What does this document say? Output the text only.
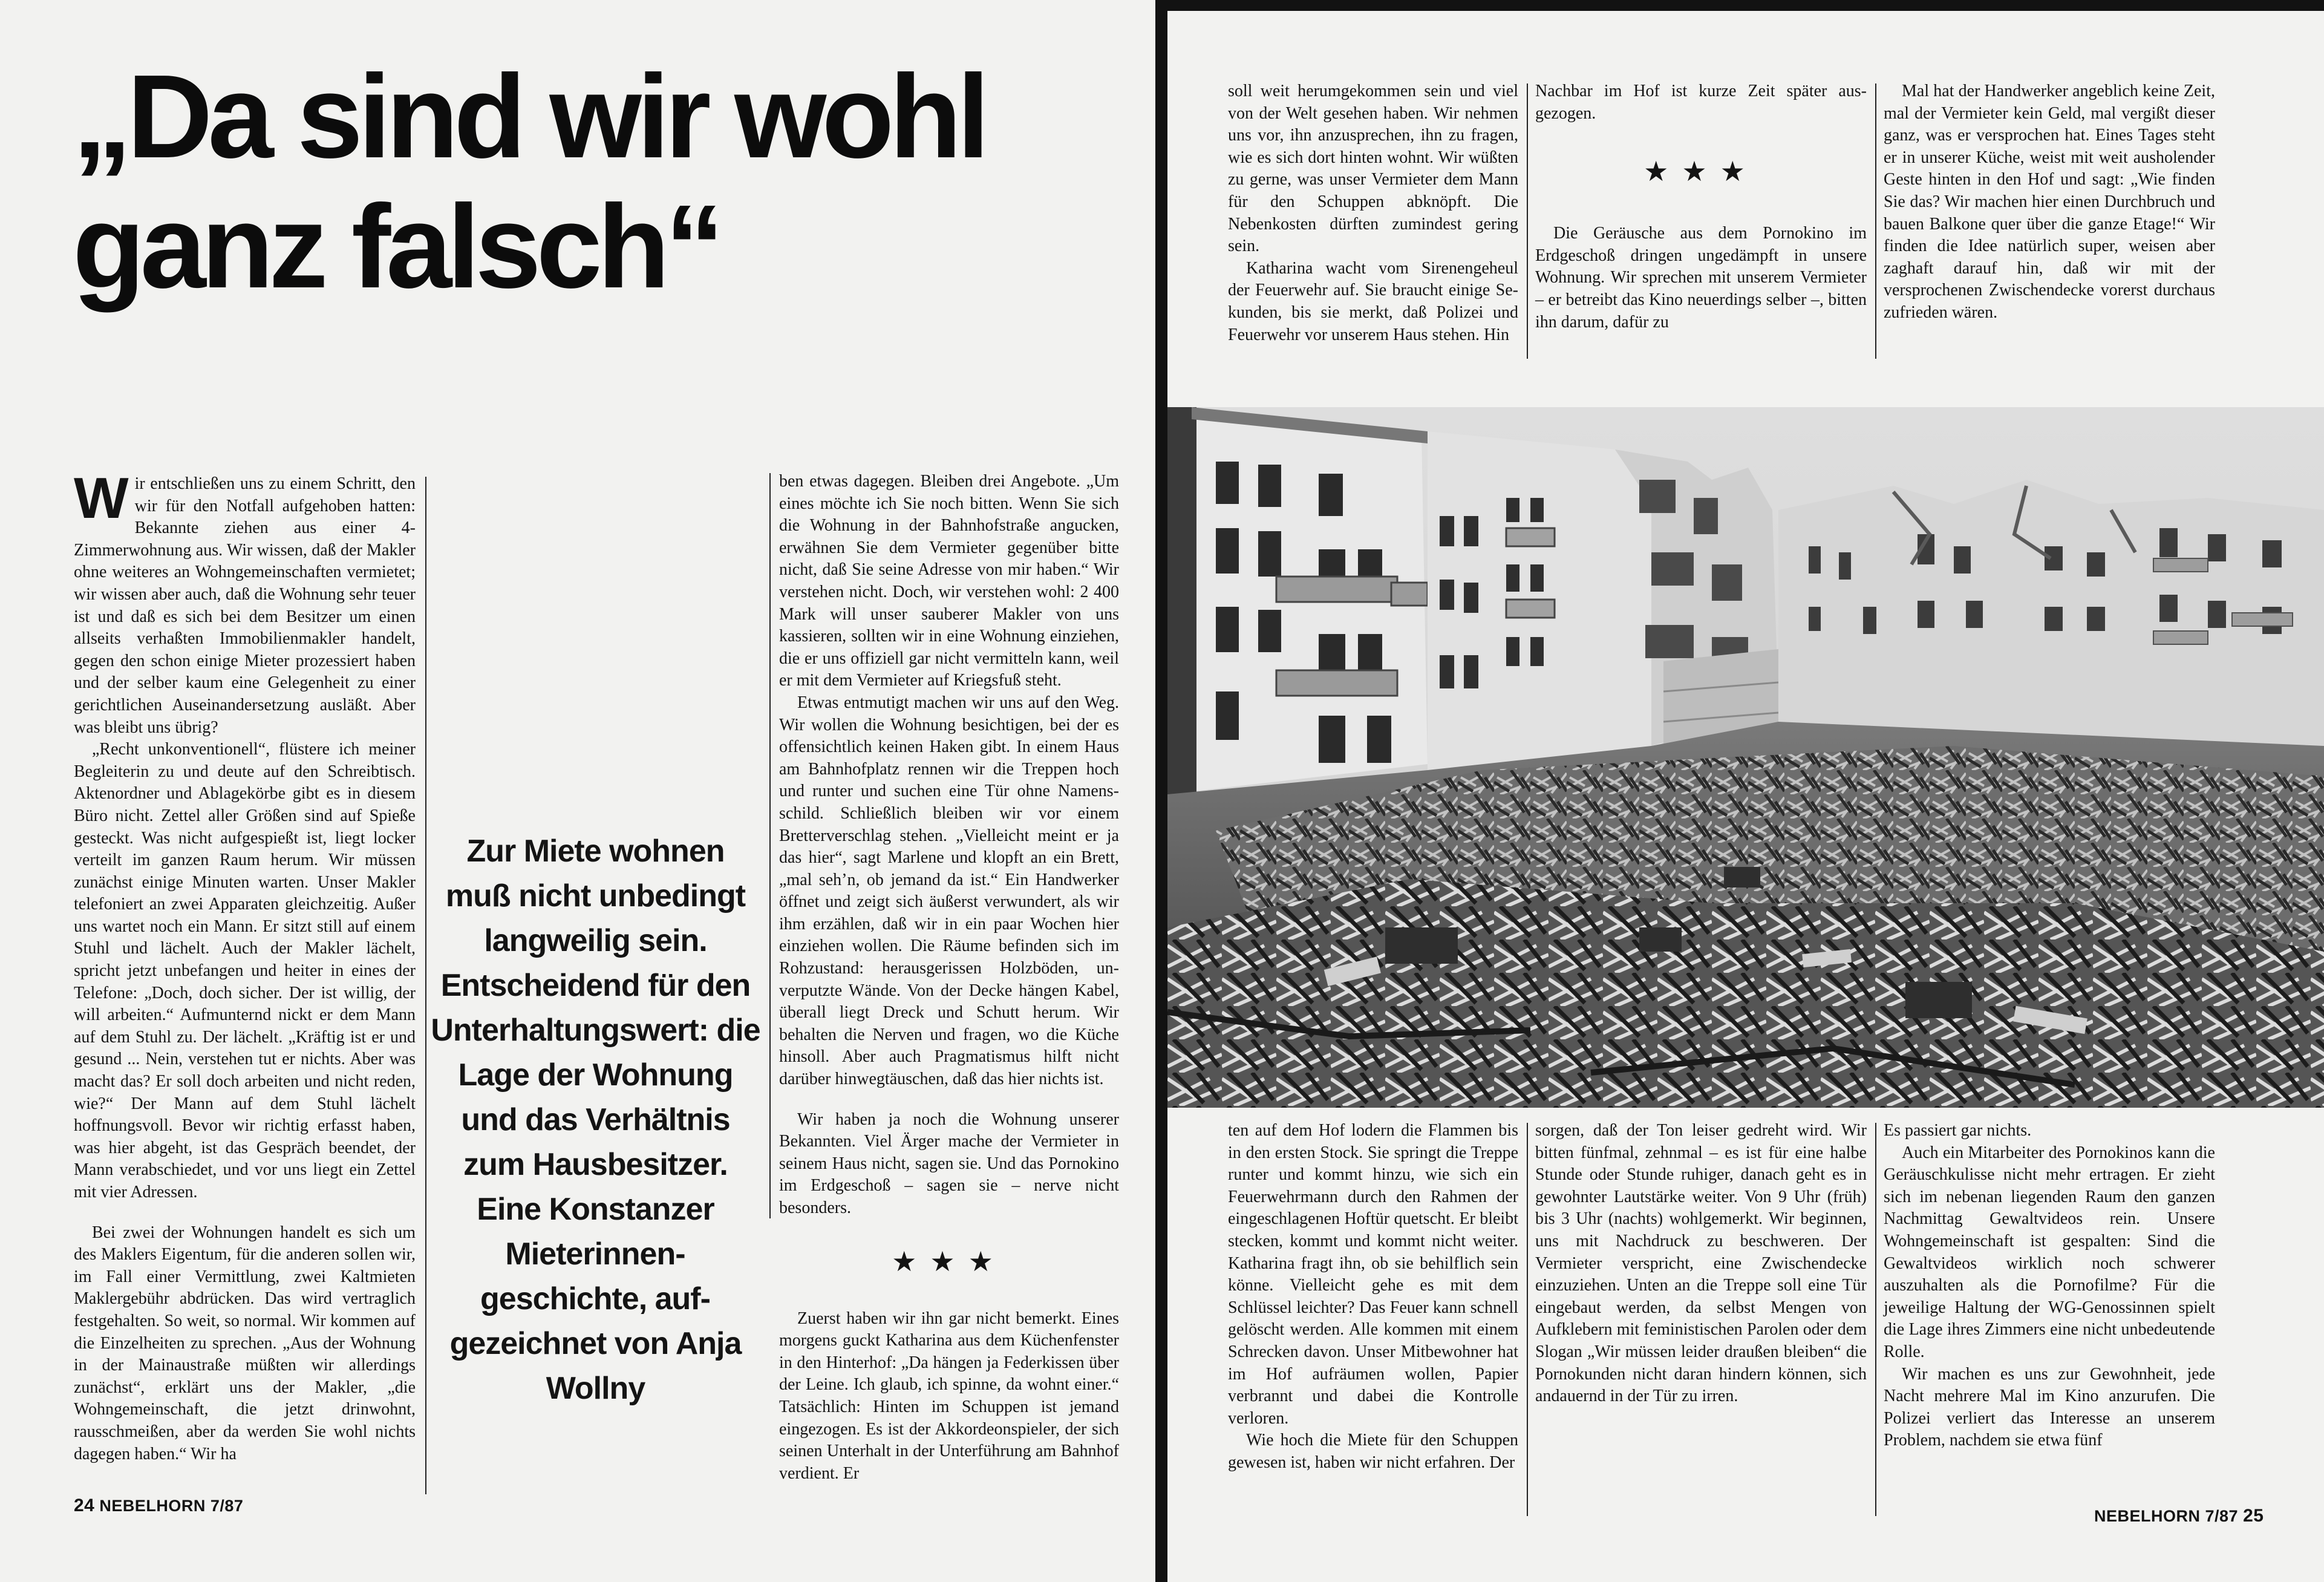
„Da sind wir wohl
ganz falsch“

Wir entschließen uns zu einem Schritt, den wir für den Notfall aufgehoben hatten: Bekannte ziehen aus einer 4-Zimmerwohnung aus. Wir wissen, daß der Makler ohne weiteres an Wohngemeinschaften vermietet; wir wissen aber auch, daß die Wohnung sehr teuer ist und daß es sich bei dem Besitzer um einen allseits verhaßten Immobilienmakler handelt, gegen den schon einige Mieter prozessiert haben und der selber kaum eine Gelegenheit zu einer gerichtlichen Auseinandersetzung ausläßt. Aber was bleibt uns übrig?

„Recht unkonventionell“, flüstere ich meiner Begleiterin zu und deute auf den Schreibtisch. Aktenordner und Ablagekörbe gibt es in diesem Büro nicht. Zettel aller Größen sind auf Spieße gesteckt. Was nicht aufgespießt ist, liegt locker verteilt im ganzen Raum herum. Wir müssen zunächst einige Minuten warten. Unser Makler telefoniert an zwei Apparaten gleichzeitig. Außer uns wartet noch ein Mann. Er sitzt still auf einem Stuhl und lächelt. Auch der Makler lächelt, spricht jetzt unbefangen und heiter in eines der Telefone: „Doch, doch sicher. Der ist willig, der will arbeiten.“ Aufmunternd nickt er dem Mann auf dem Stuhl zu. Der lächelt. „Kräftig ist er und gesund ... Nein, verstehen tut er nichts. Aber was macht das? Er soll doch arbeiten und nicht reden, wie?“ Der Mann auf dem Stuhl lächelt hoffnungsvoll. Bevor wir richtig erfasst haben, was hier abgeht, ist das Gespräch beendet, der Mann verabschiedet, und vor uns liegt ein Zettel mit vier Adressen.

Bei zwei der Wohnungen handelt es sich um des Maklers Eigentum, für die anderen sollen wir, im Fall einer Vermittlung, zwei Kaltmieten Maklergebühr abdrücken. Das wird vertraglich festgehalten. So weit, so normal. Wir kommen auf die Einzelheiten zu sprechen. „Aus der Wohnung in der Mainaustraße müßten wir allerdings zunächst“, erklärt uns der Makler, „die Wohngemeinschaft, die jetzt drinwohnt, rausschmeißen, aber da werden Sie wohl nichts dagegen haben.“ Wir ha

Zur Miete wohnen muß nicht unbedingt langweilig sein. Entscheidend für den Unterhaltungswert: die Lage der Wohnung und das Verhältnis zum Hausbesitzer. Eine Konstanzer Mieterinnengeschichte, aufgezeichnet von Anja Wollny

ben etwas dagegen. Bleiben drei Angebote. „Um eines möchte ich Sie noch bitten. Wenn Sie sich die Wohnung in der Bahnhofstraße angucken, erwähnen Sie dem Vermieter gegenüber bitte nicht, daß Sie seine Adresse von mir haben.“ Wir verstehen nicht. Doch, wir verstehen wohl: 2 400 Mark will unser sauberer Makler von uns kassieren, sollten wir in eine Wohnung einziehen, die er uns offiziell gar nicht vermitteln kann, weil er mit dem Vermieter auf Kriegsfuß steht.

Etwas entmutigt machen wir uns auf den Weg. Wir wollen die Wohnung besichtigen, bei der es offensichtlich keinen Haken gibt. In einem Haus am Bahnhofplatz rennen wir die Treppen hoch und runter und suchen eine Tür ohne Namensschild. Schließlich bleiben wir vor einem Bretterverschlag stehen. „Vielleicht meint er ja das hier“, sagt Marlene und klopft an ein Brett, „mal seh’n, ob jemand da ist.“ Ein Handwerker öffnet und zeigt sich äußerst verwundert, als wir ihm erzählen, daß wir in ein paar Wochen hier einziehen wollen. Die Räume befinden sich im Rohzustand: herausgerissen Holzböden, unverputzte Wände. Von der Decke hängen Kabel, überall liegt Dreck und Schutt herum. Wir behalten die Nerven und fragen, wo die Küche hinsoll. Aber auch Pragmatismus hilft nicht darüber hinwegtäuschen, daß das hier nichts ist.

Wir haben ja noch die Wohnung unserer Bekannten. Viel Ärger mache der Vermieter in seinem Haus nicht, sagen sie. Und das Pornokino im Erdgeschoß – sagen sie – nerve nicht besonders.

★★★

Zuerst haben wir ihn gar nicht bemerkt. Eines morgens guckt Katharina aus dem Küchenfenster in den Hinterhof: „Da hängen ja Federkissen über der Leine. Ich glaub, ich spinne, da wohnt einer.“ Tatsächlich: Hinten im Schuppen ist jemand eingezogen. Es ist der Akkordeonspieler, der sich seinen Unterhalt in der Unterführung am Bahnhof verdient. Er

24 NEBELHORN 7/87

soll weit herumgekommen sein und viel von der Welt gesehen haben. Wir nehmen uns vor, ihn anzusprechen, ihn zu fragen, wie es sich dort hinten wohnt. Wir wüßten zu gerne, was unser Vermieter dem Mann für den Schuppen abknöpft. Die Nebenkosten dürften zumindest gering sein.

Katharina wacht vom Sirenengeheul der Feuerwehr auf. Sie braucht einige Sekunden, bis sie merkt, daß Polizei und Feuerwehr vor unserem Haus stehen. Hin

Nachbar im Hof ist kurze Zeit später ausgezogen.

★★★

Die Geräusche aus dem Pornokino im Erdgeschoß dringen ungedämpft in unsere Wohnung. Wir sprechen mit unserem Vermieter – er betreibt das Kino neuerdings selber –, bitten ihn darum, dafür zu

Mal hat der Handwerker angeblich keine Zeit, mal der Vermieter kein Geld, mal vergißt dieser ganz, was er versprochen hat. Eines Tages steht er in unserer Küche, weist mit weit ausholender Geste hinten in den Hof und sagt: „Wie finden Sie das? Wir machen hier einen Durchbruch und bauen Balkone quer über die ganze Etage!“ Wir finden die Idee natürlich super, weisen aber zaghaft darauf hin, daß wir mit der versprochenen Zwischendecke vorerst durchaus zufrieden wären.

ten auf dem Hof lodern die Flammen bis in den ersten Stock. Sie springt die Treppe runter und kommt hinzu, wie sich ein Feuerwehrmann durch den Rahmen der eingeschlagenen Hoftür quetscht. Er bleibt stecken, kommt und kommt nicht weiter. Katharina fragt ihn, ob sie behilflich sein könne. Vielleicht gehe es mit dem Schlüssel leichter? Das Feuer kann schnell gelöscht werden. Alle kommen mit einem Schrecken davon. Unser Mitbewohner hat im Hof aufräumen wollen, Papier verbrannt und dabei die Kontrolle verloren.

Wie hoch die Miete für den Schuppen gewesen ist, haben wir nicht erfahren. Der

sorgen, daß der Ton leiser gedreht wird. Wir bitten fünfmal, zehnmal – es ist für eine halbe Stunde oder Stunde ruhiger, danach geht es in gewohnter Lautstärke weiter. Von 9 Uhr (früh) bis 3 Uhr (nachts) wohlgemerkt. Wir beginnen, uns mit Nachdruck zu beschweren. Der Vermieter verspricht, eine Zwischendecke einzuziehen. Unten an die Treppe soll eine Tür eingebaut werden, da selbst Mengen von Aufklebern mit feministischen Parolen oder dem Slogan „Wir müssen leider draußen bleiben“ die Pornokunden nicht daran hindern können, sich andauernd in der Tür zu irren.

Es passiert gar nichts.

Auch ein Mitarbeiter des Pornokinos kann die Geräuschkulisse nicht mehr ertragen. Er zieht sich im nebenan liegenden Raum den ganzen Nachmittag Gewaltvideos rein. Unsere Wohngemeinschaft ist gespalten: Sind die Gewaltvideos wirklich noch schwerer auszuhalten als die Pornofilme? Für die jeweilige Haltung der WG-Genossinnen spielt die Lage ihres Zimmers eine nicht unbedeutende Rolle.

Wir machen es uns zur Gewohnheit, jede Nacht mehrere Mal im Kino anzurufen. Die Polizei verliert das Interesse an unserem Problem, nachdem sie etwa fünf

NEBELHORN 7/87 25
